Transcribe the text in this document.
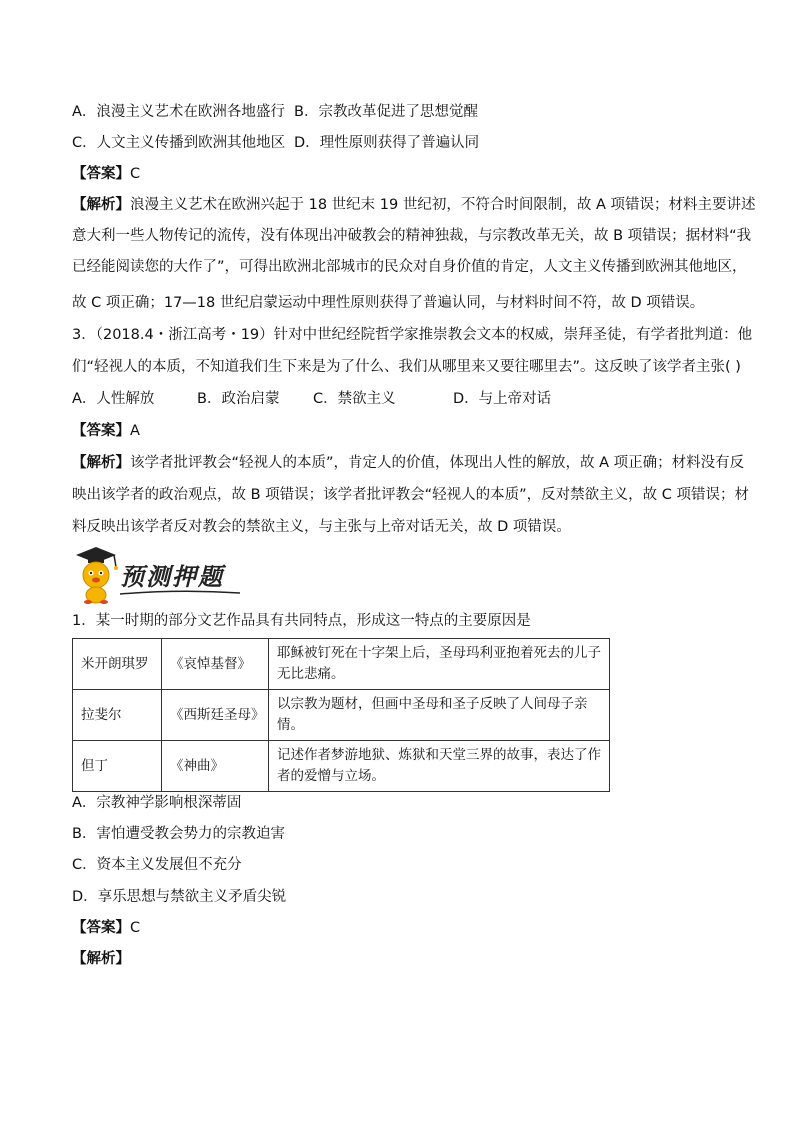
A．浪漫主义艺术在欧洲各地盛行 B．宗教改革促进了思想觉醒
C．人文主义传播到欧洲其他地区 D．理性原则获得了普遍认同
【答案】C
【解析】浪漫主义艺术在欧洲兴起于 18 世纪末 19 世纪初，不符合时间限制，故 A 项错误；材料主要讲述
意大利一些人物传记的流传，没有体现出冲破教会的精神独裁，与宗教改革无关，故 B 项错误；据材料“我
已经能阅读您的大作了”，可得出欧洲北部城市的民众对自身价值的肯定，人文主义传播到欧洲其他地区，
故 C 项正确；17—18 世纪启蒙运动中理性原则获得了普遍认同，与材料时间不符，故 D 项错误。
3．（2018.4・浙江高考・19）针对中世纪经院哲学家推崇教会文本的权威，崇拜圣徒，有学者批判道：他
们“轻视人的本质，不知道我们生下来是为了什么、我们从哪里来又要往哪里去”。这反映了该学者主张( )
A．人性解放	B．政治启蒙 C．禁欲主义	D．与上帝对话
【答案】A
【解析】该学者批评教会“轻视人的本质”，肯定人的价值，体现出人性的解放，故 A 项正确；材料没有反
映出该学者的政治观点，故 B 项错误；该学者批评教会“轻视人的本质”，反对禁欲主义，故 C 项错误；材
料反映出该学者反对教会的禁欲主义，与主张与上帝对话无关，故 D 项错误。
预测押题
1．某一时期的部分文艺作品具有共同特点，形成这一特点的主要原因是
米开朗琪罗	《哀悼基督》	耶稣被钉死在十字架上后，圣母玛利亚抱着死去的儿子无比悲痛。
拉斐尔	《西斯廷圣母》	以宗教为题材，但画中圣母和圣子反映了人间母子亲情。
但丁	《神曲》	记述作者梦游地狱、炼狱和天堂三界的故事，表达了作者的爱憎与立场。
A．宗教神学影响根深蒂固
B．害怕遭受教会势力的宗教迫害
C．资本主义发展但不充分
D．享乐思想与禁欲主义矛盾尖锐
【答案】C
【解析】
